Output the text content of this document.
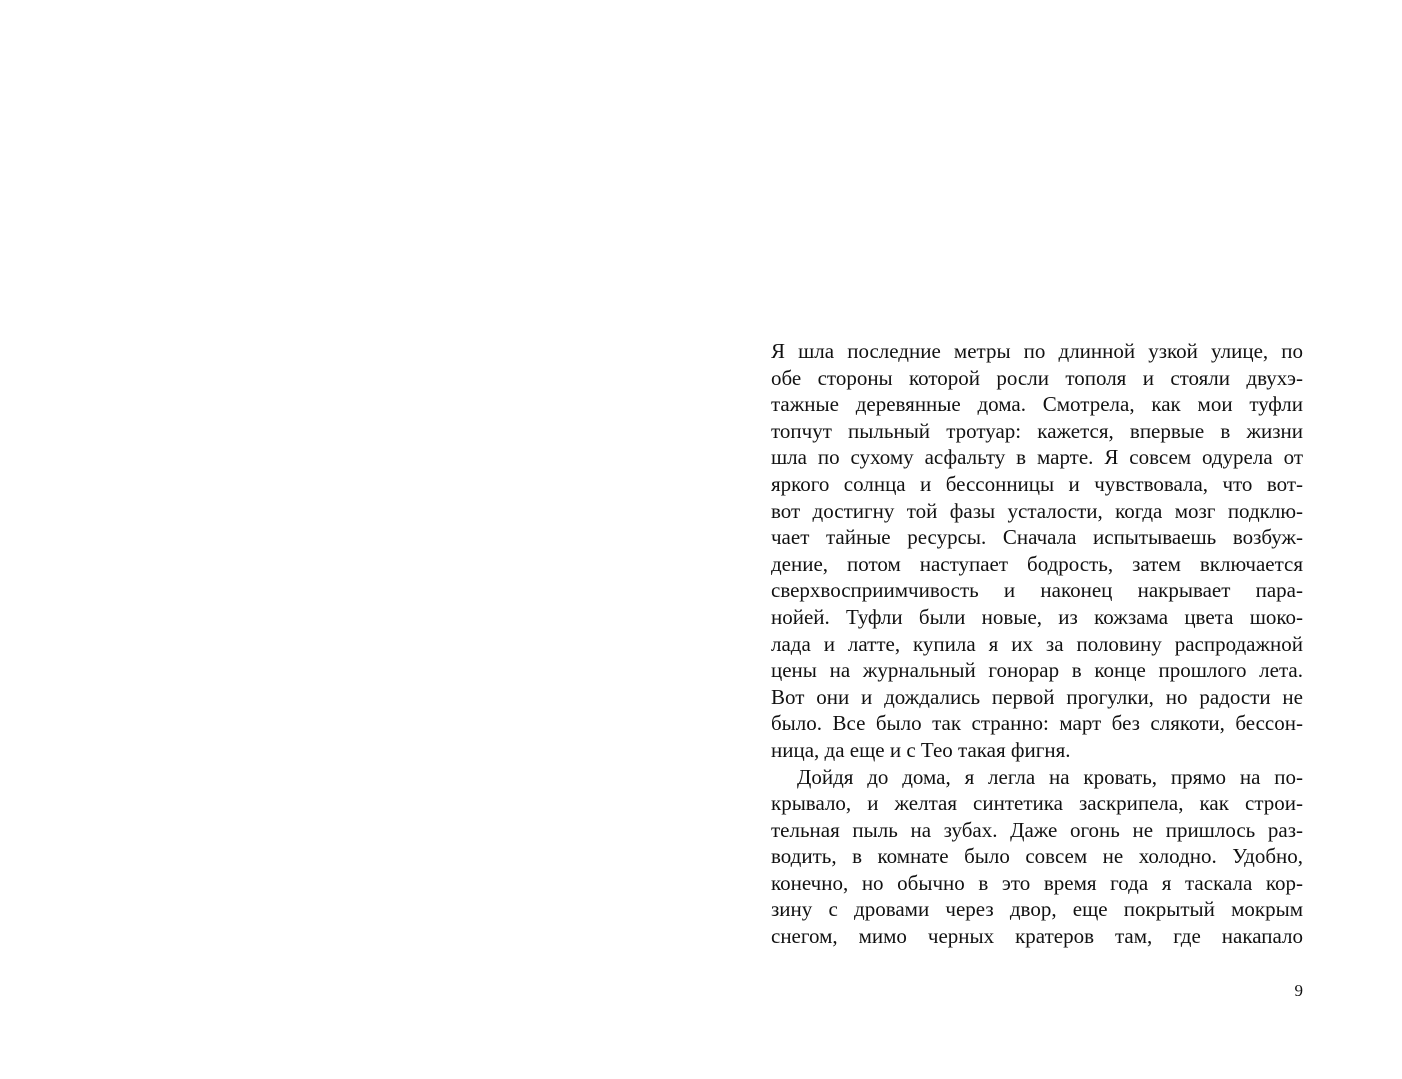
Я шла последние метры по длинной узкой улице, по
обе стороны которой росли тополя и стояли двухэ-
тажные деревянные дома. Смотрела, как мои туфли
топчут пыльный тротуар: кажется, впервые в жизни
шла по сухому асфальту в марте. Я совсем одурела от
яркого солнца и бессонницы и чувствовала, что вот-
вот достигну той фазы усталости, когда мозг подклю-
чает тайные ресурсы. Сначала испытываешь возбуж-
дение, потом наступает бодрость, затем включается
сверхвосприимчивость и наконец накрывает пара-
нойей. Туфли были новые, из кожзама цвета шоко-
лада и латте, купила я их за половину распродажной
цены на журнальный гонорар в конце прошлого лета.
Вот они и дождались первой прогулки, но радости не
было. Все было так странно: март без слякоти, бессон-
ница, да еще и с Тео такая фигня.
Дойдя до дома, я легла на кровать, прямо на по-
крывало, и желтая синтетика заскрипела, как строи-
тельная пыль на зубах. Даже огонь не пришлось раз-
водить, в комнате было совсем не холодно. Удобно,
конечно, но обычно в это время года я таскала кор-
зину с дровами через двор, еще покрытый мокрым
снегом, мимо черных кратеров там, где накапало
9
